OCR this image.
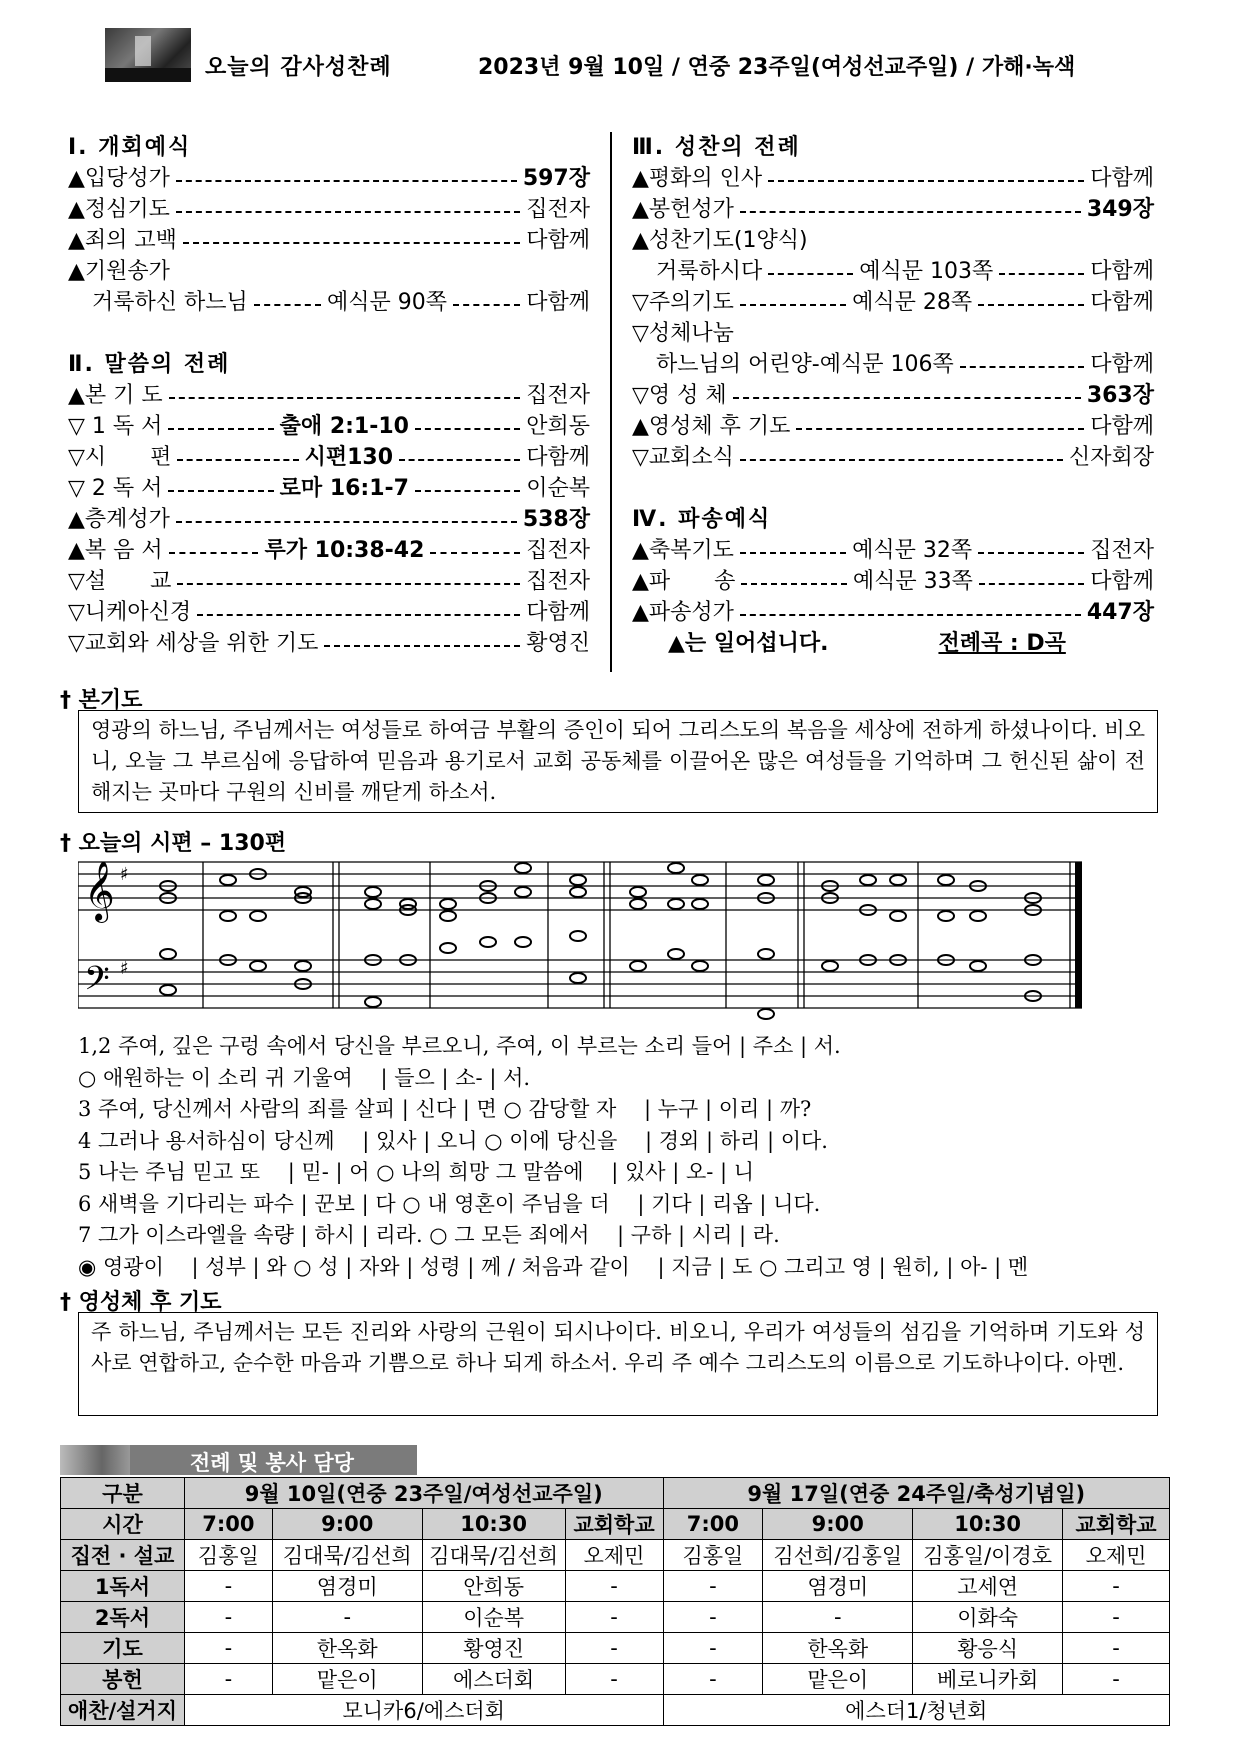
오늘의 감사성찬례	2023년 9월 10일 / 연중 23주일(여성선교주일) / 가해·녹색
Ⅰ. 개회예식
▲입당성가	597장
▲정심기도	집전자
▲죄의 고백	다함께
▲기원송가
거룩하신 하느님	예식문 90쪽	다함께
Ⅱ. 말씀의 전례
▲본 기 도	집전자
▽ 1 독 서	출애 2:1-10	안희동
▽시　　편	시편130	다함께
▽ 2 독 서	로마 16:1-7	이순복
▲층계성가	538장
▲복 음 서	루가 10:38-42	집전자
▽설　　교	집전자
▽니케아신경	다함께
▽교회와 세상을 위한 기도	황영진
Ⅲ. 성찬의 전례
▲평화의 인사	다함께
▲봉헌성가	349장
▲성찬기도(1양식)
거룩하시다	예식문 103쪽	다함께
▽주의기도	예식문 28쪽	다함께
▽성체나눔
하느님의 어린양- 예식문 106쪽	다함께
▽영 성 체	363장
▲영성체 후 기도	다함께
▽교회소식	신자회장
Ⅳ. 파송예식
▲축복기도	예식문 32쪽	집전자
▲파　　송	예식문 33쪽	다함께
▲파송성가	447장
▲는 일어섭니다.	전례곡 : D곡
† 본기도
영광의 하느님, 주님께서는 여성들로 하여금 부활의 증인이 되어 그리스도의 복음을 세상에 전하게 하셨나이다. 비오니, 오늘 그 부르심에 응답하여 믿음과 용기로서 교회 공동체를 이끌어온 많은 여성들을 기억하며 그 헌신된 삶이 전해지는 곳마다 구원의 신비를 깨닫게 하소서.
† 오늘의 시편 – 130편
𝄞
𝄢
♯
♯
1,2 주여, 깊은 구렁 속에서 당신을 부르오니, 주여, 이 부르는 소리 들어 | 주소 | 서.
○ 애원하는 이 소리 귀 기울여 　| 들으 | 소- | 서.
3 주여, 당신께서 사람의 죄를 살피 | 신다 | 면 ○ 감당할 자 　| 누구 | 이리 | 까?
4 그러나 용서하심이 당신께 　| 있사 | 오니 ○ 이에 당신을 　| 경외 | 하리 | 이다.
5 나는 주님 믿고 또 　| 믿- | 어 ○ 나의 희망 그 말씀에 　| 있사 | 오- | 니
6 새벽을 기다리는 파수 | 꾼보 | 다 ○ 내 영혼이 주님을 더 　| 기다 | 리옵 | 니다.
7 그가 이스라엘을 속량 | 하시 | 리라. ○ 그 모든 죄에서 　| 구하 | 시리 | 라.
◉ 영광이 　| 성부 | 와 ○ 성 | 자와 | 성령 | 께 / 처음과 같이 　| 지금 | 도 ○ 그리고 영 | 원히, | 아- | 멘
† 영성체 후 기도
주 하느님, 주님께서는 모든 진리와 사랑의 근원이 되시나이다. 비오니, 우리가 여성들의 섬김을 기억하며 기도와 성사로 연합하고, 순수한 마음과 기쁨으로 하나 되게 하소서. 우리 주 예수 그리스도의 이름으로 기도하나이다. 아멘.
전례 및 봉사 담당
구분	9월 10일(연중 23주일/여성선교주일)				9월 17일(연중 24주일/축성기념일)			
시간	7:00	9:00	10:30	교회학교	7:00	9:00	10:30	교회학교
집전 · 설교	김홍일	김대묵/김선희	김대묵/김선희	오제민	김홍일	김선희/김홍일	김홍일/이경호	오제민
1독서	-	염경미	안희동	-	-	염경미	고세연	-
2독서	-	-	이순복	-	-	-	이화숙	-
기도	-	한옥화	황영진	-	-	한옥화	황응식	-
봉헌	-	맡은이	에스더회	-	-	맡은이	베로니카회	-
애찬/설거지	모니카6/에스더회				에스더1/청년회			
